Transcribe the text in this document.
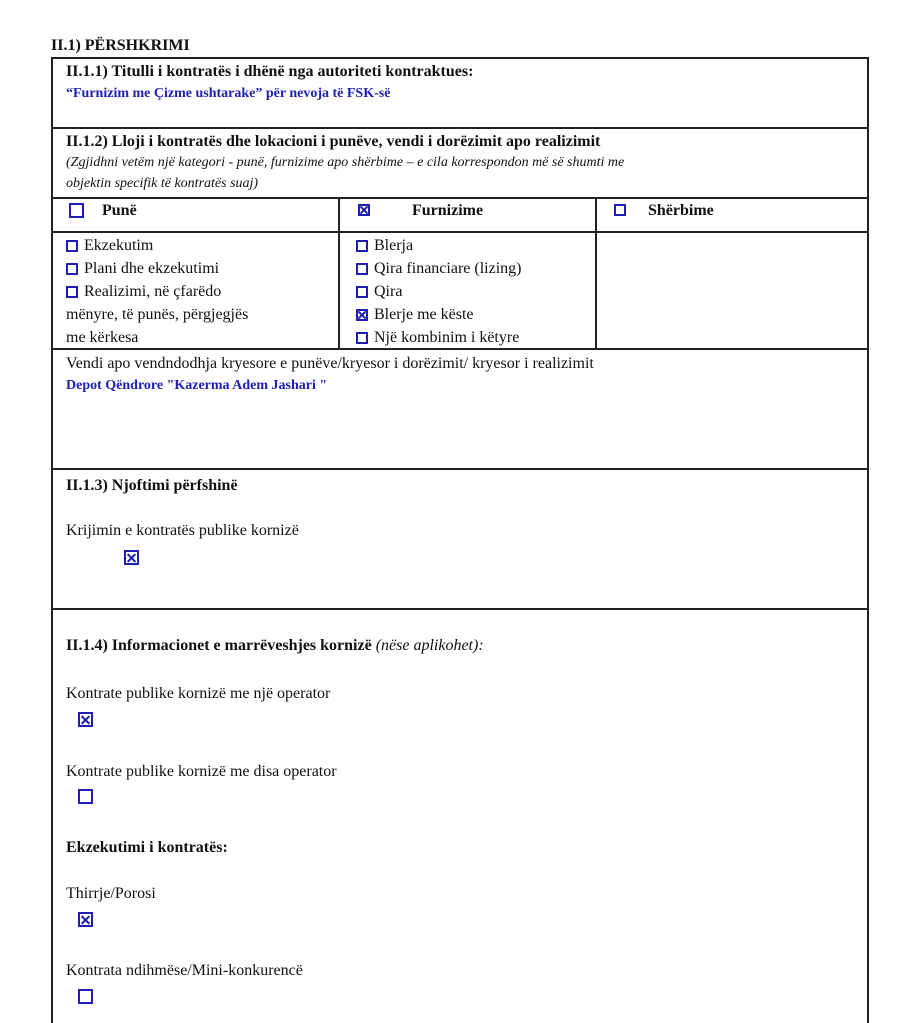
II.1) PËRSHKRIMI
II.1.1) Titulli i kontratës i dhënë nga autoriteti kontraktues:
“Furnizim me Çizme ushtarake” për nevoja të FSK-së
II.1.2) Lloji i kontratës dhe lokacioni i punëve, vendi i dorëzimit apo realizimit
(Zgjidhni vetëm një kategori - punë, furnizime apo shërbime – e cila korrespondon më së shumti me
objektin specifik të kontratës suaj)
Punë	Furnizime	Shërbime
Ekzekutim
Plani dhe ekzekutimi
Realizimi, në çfarëdo
mënyre, të punës, përgjegjës
me kërkesa
Blerja
Qira financiare (lizing)
Qira
Blerje me këste
Një kombinim i këtyre
Vendi apo vendndodhja kryesore e punëve/kryesor i dorëzimit/ kryesor i realizimit
Depot Qëndrore "Kazerma Adem Jashari "
II.1.3) Njoftimi përfshinë
Krijimin e kontratës publike kornizë
II.1.4) Informacionet e marrëveshjes kornizë (nëse aplikohet):
Kontrate publike kornizë me një operator
Kontrate publike kornizë me disa operator
Ekzekutimi i kontratës:
Thirrje/Porosi
Kontrata ndihmëse/Mini-konkurencë
